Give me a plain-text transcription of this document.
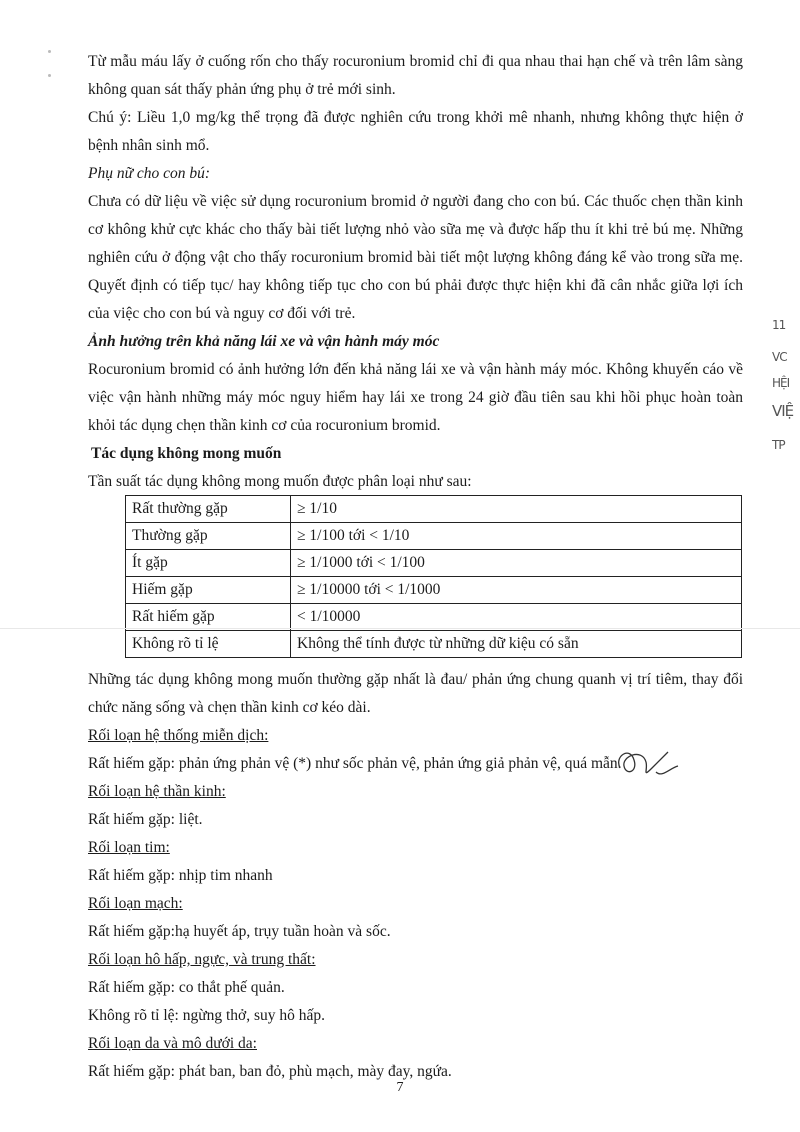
Từ mẫu máu lấy ở cuống rốn cho thấy rocuronium bromid chỉ đi qua nhau thai hạn chế và trên lâm sàng không quan sát thấy phản ứng phụ ở trẻ mới sinh.

Chú ý: Liều 1,0 mg/kg thể trọng đã được nghiên cứu trong khởi mê nhanh, nhưng không thực hiện ở bệnh nhân sinh mổ.

Phụ nữ cho con bú:

Chưa có dữ liệu về việc sử dụng rocuronium bromid ở người đang cho con bú. Các thuốc chẹn thần kinh cơ không khử cực khác cho thấy bài tiết lượng nhỏ vào sữa mẹ và được hấp thu ít khi trẻ bú mẹ. Những nghiên cứu ở động vật cho thấy rocuronium bromid bài tiết một lượng không đáng kể vào trong sữa mẹ. Quyết định có tiếp tục/ hay không tiếp tục cho con bú phải được thực hiện khi đã cân nhắc giữa lợi ích của việc cho con bú và nguy cơ đối với trẻ.

Ảnh hưởng trên khả năng lái xe và vận hành máy móc

Rocuronium bromid có ảnh hưởng lớn đến khả năng lái xe và vận hành máy móc. Không khuyến cáo về việc vận hành những máy móc nguy hiểm hay lái xe trong 24 giờ đầu tiên sau khi hồi phục hoàn toàn khỏi tác dụng chẹn thần kinh cơ của rocuronium bromid.

Tác dụng không mong muốn

Tần suất tác dụng không mong muốn được phân loại như sau:

Rất thường gặp	≥ 1/10
Thường gặp	≥ 1/100 tới < 1/10
Ít gặp	≥ 1/1000 tới < 1/100
Hiếm gặp	≥ 1/10000 tới < 1/1000
Rất hiếm gặp	< 1/10000
Không rõ tỉ lệ	Không thể tính được từ những dữ kiệu có sẵn

Những tác dụng không mong muốn thường gặp nhất là đau/ phản ứng chung quanh vị trí tiêm, thay đổi chức năng sống và chẹn thần kinh cơ kéo dài.

Rối loạn hệ thống miễn dịch:

Rất hiếm gặp: phản ứng phản vệ (*) như sốc phản vệ, phản ứng giả phản vệ, quá mẫn.

Rối loạn hệ thần kinh:

Rất hiếm gặp: liệt.

Rối loạn tim:

Rất hiếm gặp: nhịp tim nhanh

Rối loạn mạch:

Rất hiếm gặp:hạ huyết áp, trụy tuần hoàn và sốc.

Rối loạn hô hấp, ngực, và trung thất:

Rất hiếm gặp: co thắt phế quản.

Không rõ tỉ lệ: ngừng thở, suy hô hấp.

Rối loạn da và mô dưới da:

Rất hiếm gặp: phát ban, ban đỏ, phù mạch, mày đay, ngứa.

7
11
VC
HỆI
VIỆ
TP
